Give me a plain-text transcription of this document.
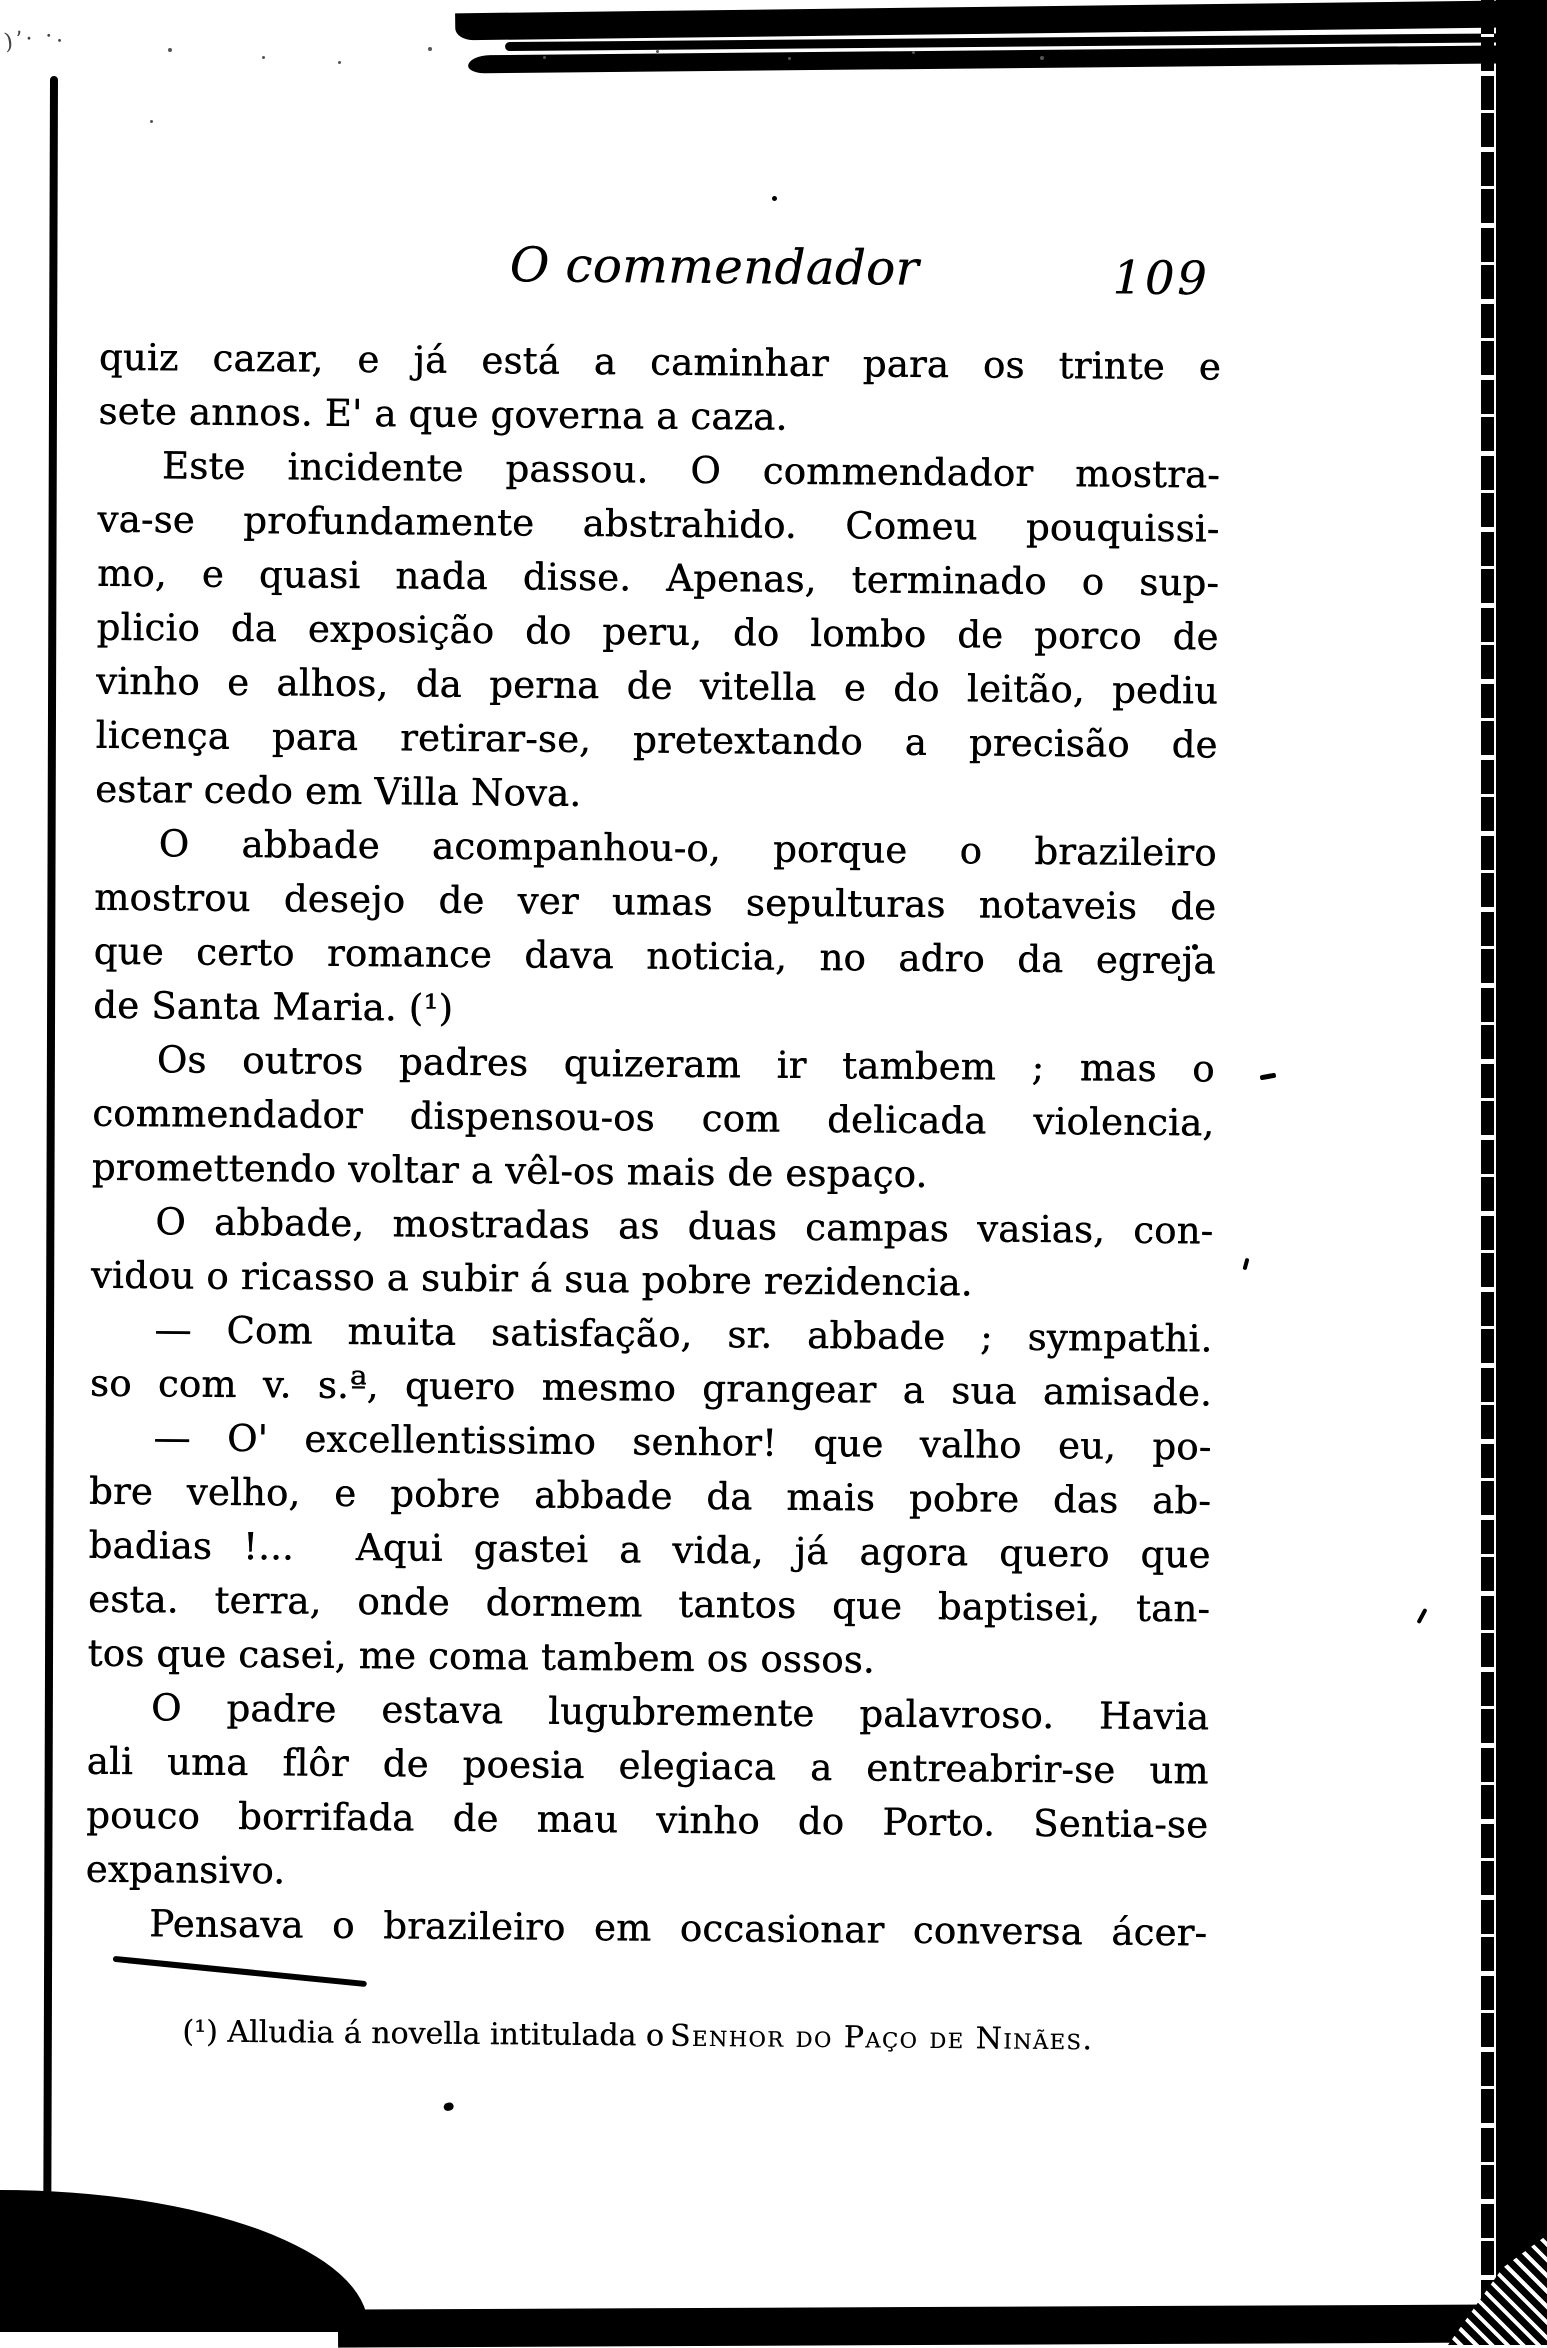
)ʼ· ·.
O commendador	109
quiz cazar, e já está a caminhar para os trinte e
sete annos. E' a que governa a caza.
Este incidente passou. O commendador mostra-
va-se profundamente abstrahido. Comeu pouquissi-
mo, e quasi nada disse. Apenas, terminado o sup-
plicio da exposição do peru, do lombo de porco de
vinho e alhos, da perna de vitella e do leitão, pediu
licença para retirar-se, pretextando a precisão de
estar cedo em Villa Nova.
O abbade acompanhou-o, porque o brazileiro
mostrou desejo de ver umas sepulturas notaveis de
que certo romance dava noticia, no adro da egreja
de Santa Maria. (¹)
Os outros padres quizeram ir tambem ; mas o
commendador dispensou-os com delicada violencia,
promettendo voltar a vêl-os mais de espaço.
O abbade, mostradas as duas campas vasias, con-
vidou o ricasso a subir á sua pobre rezidencia.
— Com muita satisfação, sr. abbade ; sympathi.
so com v. s.ª, quero mesmo grangear a sua amisade.
— O' excellentissimo senhor! que valho eu, po-
bre velho, e pobre abbade da mais pobre das ab-
badias !...  Aqui gastei a vida, já agora quero que
esta. terra, onde dormem tantos que baptisei, tan-
tos que casei, me coma tambem os ossos.
O padre estava lugubremente palavroso. Havia
ali uma flôr de poesia elegiaca a entreabrir-se um
pouco borrifada de mau vinho do Porto. Sentia-se
expansivo.
Pensava o brazileiro em occasionar conversa ácer-
(¹) Alludia á novella intitulada o Senhor do Paço de Ninães.
